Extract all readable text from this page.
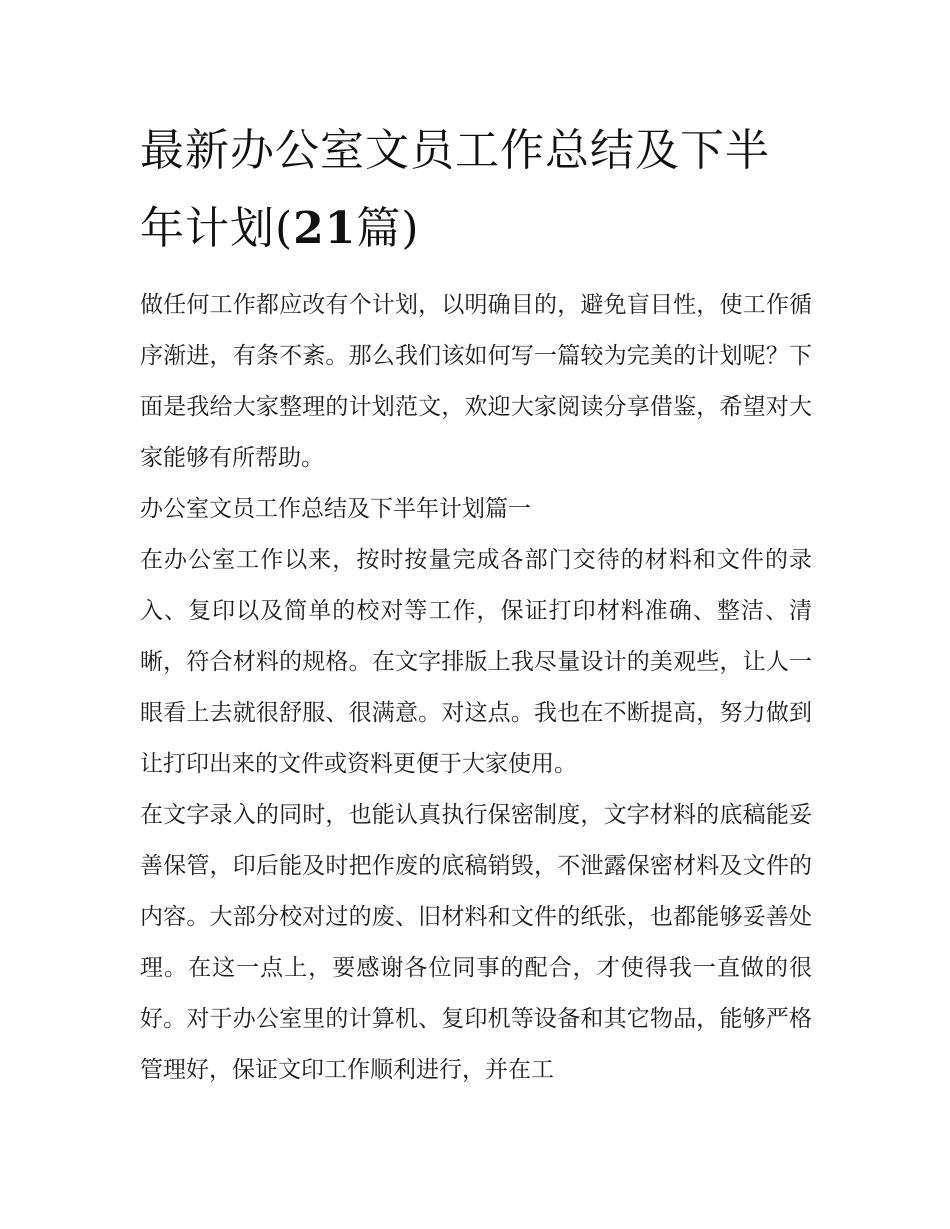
最新办公室文员工作总结及下半年计划(21篇)

做任何工作都应改有个计划，以明确目的，避免盲目性，使工作循序渐进，有条不紊。那么我们该如何写一篇较为完美的计划呢？下面是我给大家整理的计划范文，欢迎大家阅读分享借鉴，希望对大家能够有所帮助。

办公室文员工作总结及下半年计划篇一

在办公室工作以来，按时按量完成各部门交待的材料和文件的录入、复印以及简单的校对等工作，保证打印材料准确、整洁、清晰，符合材料的规格。在文字排版上我尽量设计的美观些，让人一眼看上去就很舒服、很满意。对这点。我也在不断提高，努力做到让打印出来的文件或资料更便于大家使用。

在文字录入的同时，也能认真执行保密制度，文字材料的底稿能妥善保管，印后能及时把作废的底稿销毁，不泄露保密材料及文件的内容。大部分校对过的废、旧材料和文件的纸张，也都能够妥善处理。在这一点上，要感谢各位同事的配合，才使得我一直做的很好。对于办公室里的计算机、复印机等设备和其它物品，能够严格管理好，保证文印工作顺利进行，并在工
